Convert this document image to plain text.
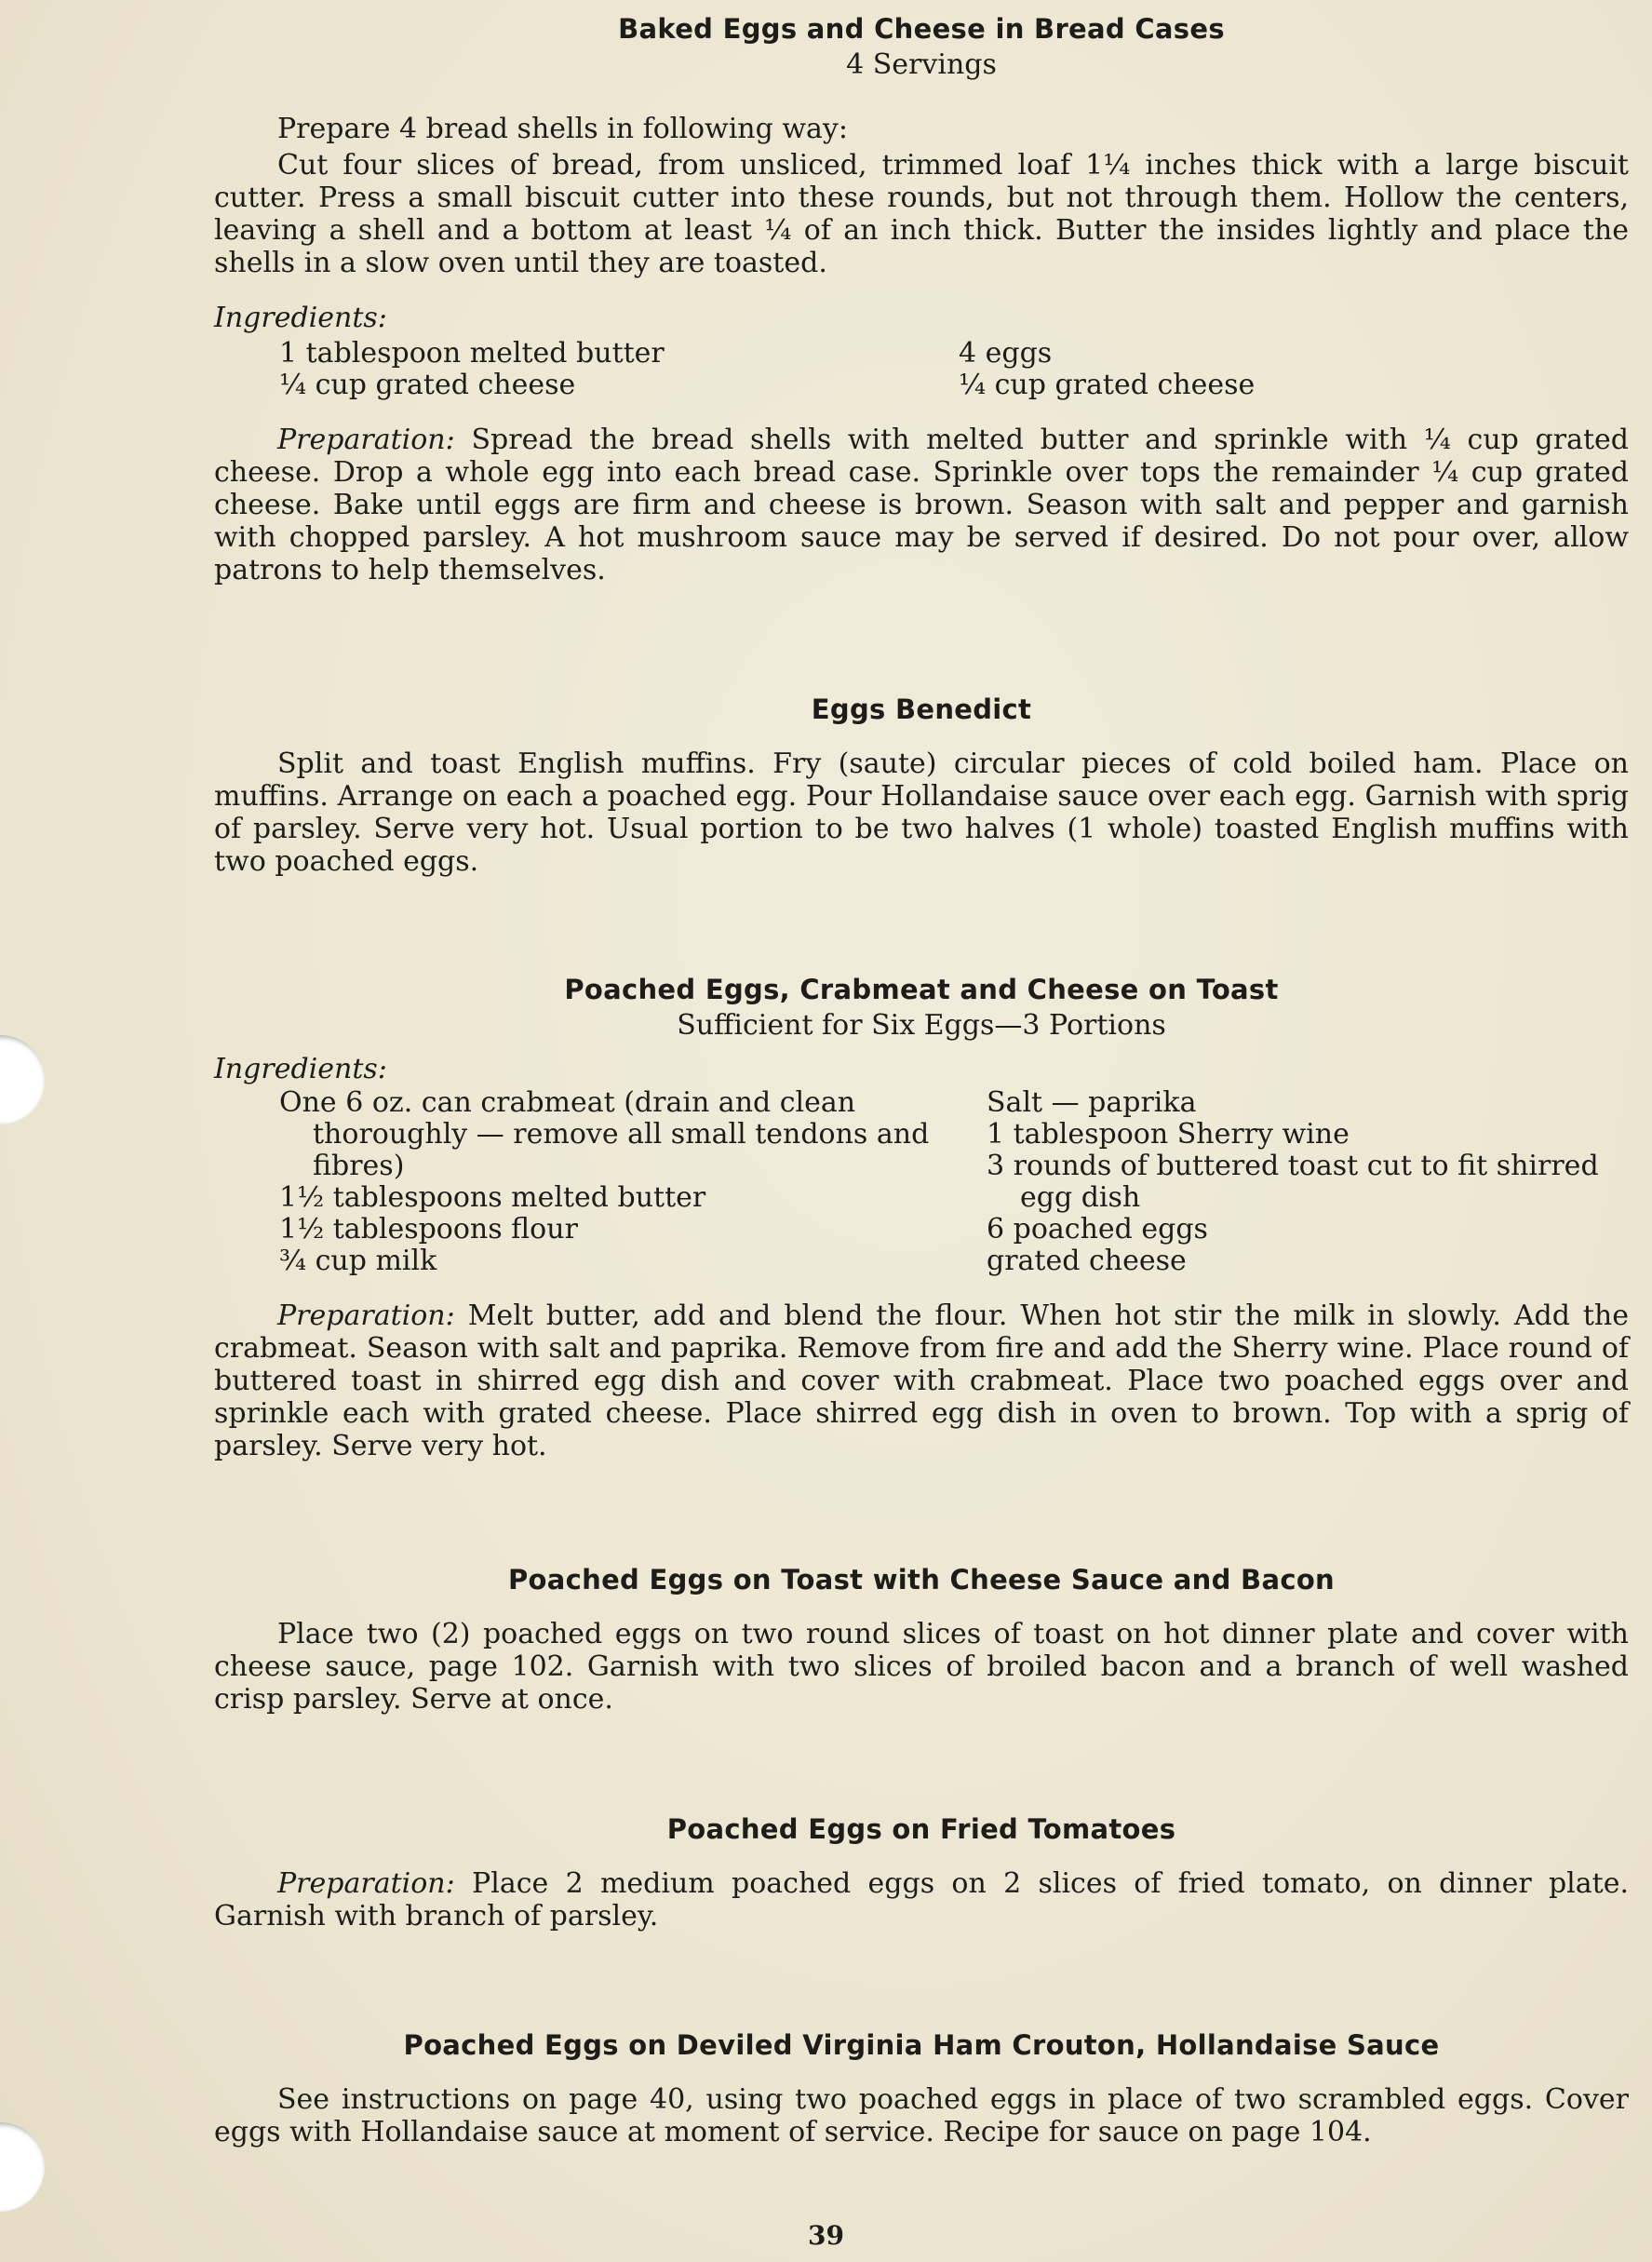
Baked Eggs and Cheese in Bread Cases
4 Servings

Prepare 4 bread shells in following way:

Cut four slices of bread, from unsliced, trimmed loaf 1¼ inches thick with a large biscuit cutter. Press a small biscuit cutter into these rounds, but not through them. Hollow the centers, leaving a shell and a bottom at least ¼ of an inch thick. Butter the insides lightly and place the shells in a slow oven until they are toasted.

Ingredients:
1 tablespoon melted butter
¼ cup grated cheese
4 eggs
¼ cup grated cheese

Preparation: Spread the bread shells with melted butter and sprinkle with ¼ cup grated cheese. Drop a whole egg into each bread case. Sprinkle over tops the remainder ¼ cup grated cheese. Bake until eggs are firm and cheese is brown. Season with salt and pepper and garnish with chopped parsley. A hot mushroom sauce may be served if desired. Do not pour over, allow patrons to help themselves.

Eggs Benedict

Split and toast English muffins. Fry (saute) circular pieces of cold boiled ham. Place on muffins. Arrange on each a poached egg. Pour Hollandaise sauce over each egg. Garnish with sprig of parsley. Serve very hot. Usual portion to be two halves (1 whole) toasted English muffins with two poached eggs.

Poached Eggs, Crabmeat and Cheese on Toast
Sufficient for Six Eggs—3 Portions
Ingredients:
One 6 oz. can crabmeat (drain and clean thoroughly — remove all small tendons and fibres)
1½ tablespoons melted butter
1½ tablespoons flour
¾ cup milk
Salt — paprika
1 tablespoon Sherry wine
3 rounds of buttered toast cut to fit shirred egg dish
6 poached eggs
grated cheese

Preparation: Melt butter, add and blend the flour. When hot stir the milk in slowly. Add the crabmeat. Season with salt and paprika. Remove from fire and add the Sherry wine. Place round of buttered toast in shirred egg dish and cover with crabmeat. Place two poached eggs over and sprinkle each with grated cheese. Place shirred egg dish in oven to brown. Top with a sprig of parsley. Serve very hot.

Poached Eggs on Toast with Cheese Sauce and Bacon

Place two (2) poached eggs on two round slices of toast on hot dinner plate and cover with cheese sauce, page 102. Garnish with two slices of broiled bacon and a branch of well washed crisp parsley. Serve at once.

Poached Eggs on Fried Tomatoes

Preparation: Place 2 medium poached eggs on 2 slices of fried tomato, on dinner plate. Garnish with branch of parsley.

Poached Eggs on Deviled Virginia Ham Crouton, Hollandaise Sauce

See instructions on page 40, using two poached eggs in place of two scrambled eggs. Cover eggs with Hollandaise sauce at moment of service. Recipe for sauce on page 104.

39
